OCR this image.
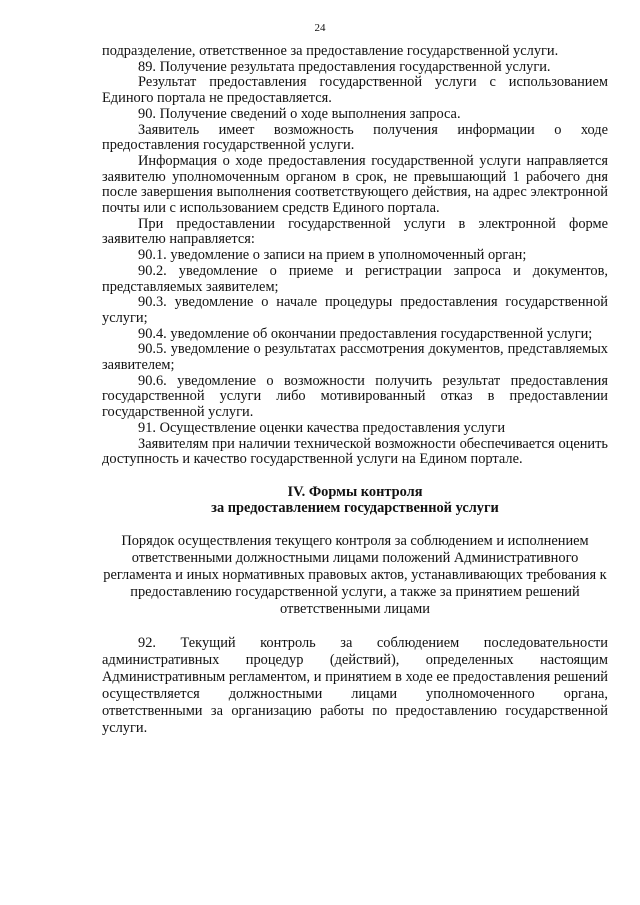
24

подразделение, ответственное за предоставление государственной услуги.

89. Получение результата предоставления государственной услуги.

Результат предоставления государственной услуги с использованием Единого портала не предоставляется.

90. Получение сведений о ходе выполнения запроса.

Заявитель имеет возможность получения информации о ходе предоставления государственной услуги.

Информация о ходе предоставления государственной услуги направляется заявителю уполномоченным органом в срок, не превышающий 1 рабочего дня после завершения выполнения соответствующего действия, на адрес электронной почты или с использованием средств Единого портала.

При предоставлении государственной услуги в электронной форме заявителю направляется:

90.1. уведомление о записи на прием в уполномоченный орган;

90.2. уведомление о приеме и регистрации запроса и документов, представляемых заявителем;

90.3. уведомление о начале процедуры предоставления государственной услуги;

90.4. уведомление об окончании предоставления государственной услуги;

90.5. уведомление о результатах рассмотрения документов, представляемых заявителем;

90.6. уведомление о возможности получить результат предоставления государственной услуги либо мотивированный отказ в предоставлении государственной услуги.

91. Осуществление оценки качества предоставления услуги

Заявителям при наличии технической возможности обеспечивается оценить доступность и качество государственной услуги на Едином портале.

IV. Формы контроля
за предоставлением государственной услуги

Порядок осуществления текущего контроля за соблюдением и исполнением ответственными должностными лицами положений Административного регламента и иных нормативных правовых актов, устанавливающих требования к предоставлению государственной услуги, а также за принятием решений ответственными лицами

92. Текущий контроль за соблюдением последовательности административных процедур (действий), определенных настоящим Административным регламентом, и принятием в ходе ее предоставления решений осуществляется должностными лицами уполномоченного органа, ответственными за организацию работы по предоставлению государственной услуги.
